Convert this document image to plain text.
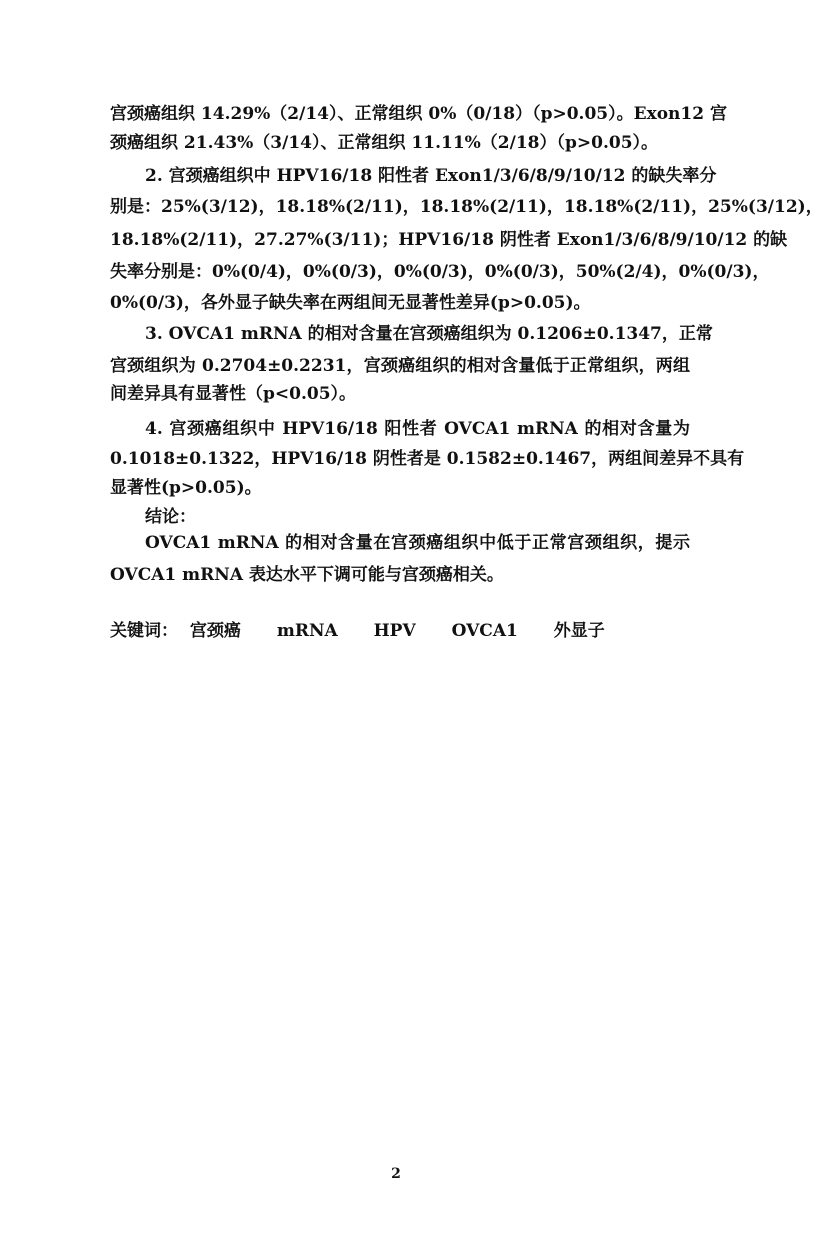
宫颈癌组织 14.29%（2/14）、正常组织 0%（0/18）（p>0.05）。Exon12 宫
颈癌组织 21.43%（3/14）、正常组织 11.11%（2/18）（p>0.05）。
2. 宫颈癌组织中 HPV16/18 阳性者 Exon1/3/6/8/9/10/12 的缺失率分
别是：25%(3/12)，18.18%(2/11)，18.18%(2/11)，18.18%(2/11)，25%(3/12)，
18.18%(2/11)，27.27%(3/11)；HPV16/18 阴性者 Exon1/3/6/8/9/10/12 的缺
失率分别是：0%(0/4)，0%(0/3)，0%(0/3)，0%(0/3)，50%(2/4)，0%(0/3)，
0%(0/3)，各外显子缺失率在两组间无显著性差异(p>0.05)。
3. OVCA1 mRNA 的相对含量在宫颈癌组织为 0.1206±0.1347，正常
宫颈组织为 0.2704±0.2231，宫颈癌组织的相对含量低于正常组织，两组
间差异具有显著性（p<0.05）。
4. 宫颈癌组织中 HPV16/18 阳性者 OVCA1 mRNA 的相对含量为
0.1018±0.1322，HPV16/18 阴性者是 0.1582±0.1467，两组间差异不具有
显著性(p>0.05)。
结论：
OVCA1 mRNA 的相对含量在宫颈癌组织中低于正常宫颈组织，提示
OVCA1 mRNA 表达水平下调可能与宫颈癌相关。
关键词： 宫颈癌 mRNA HPV OVCA1 外显子
2
